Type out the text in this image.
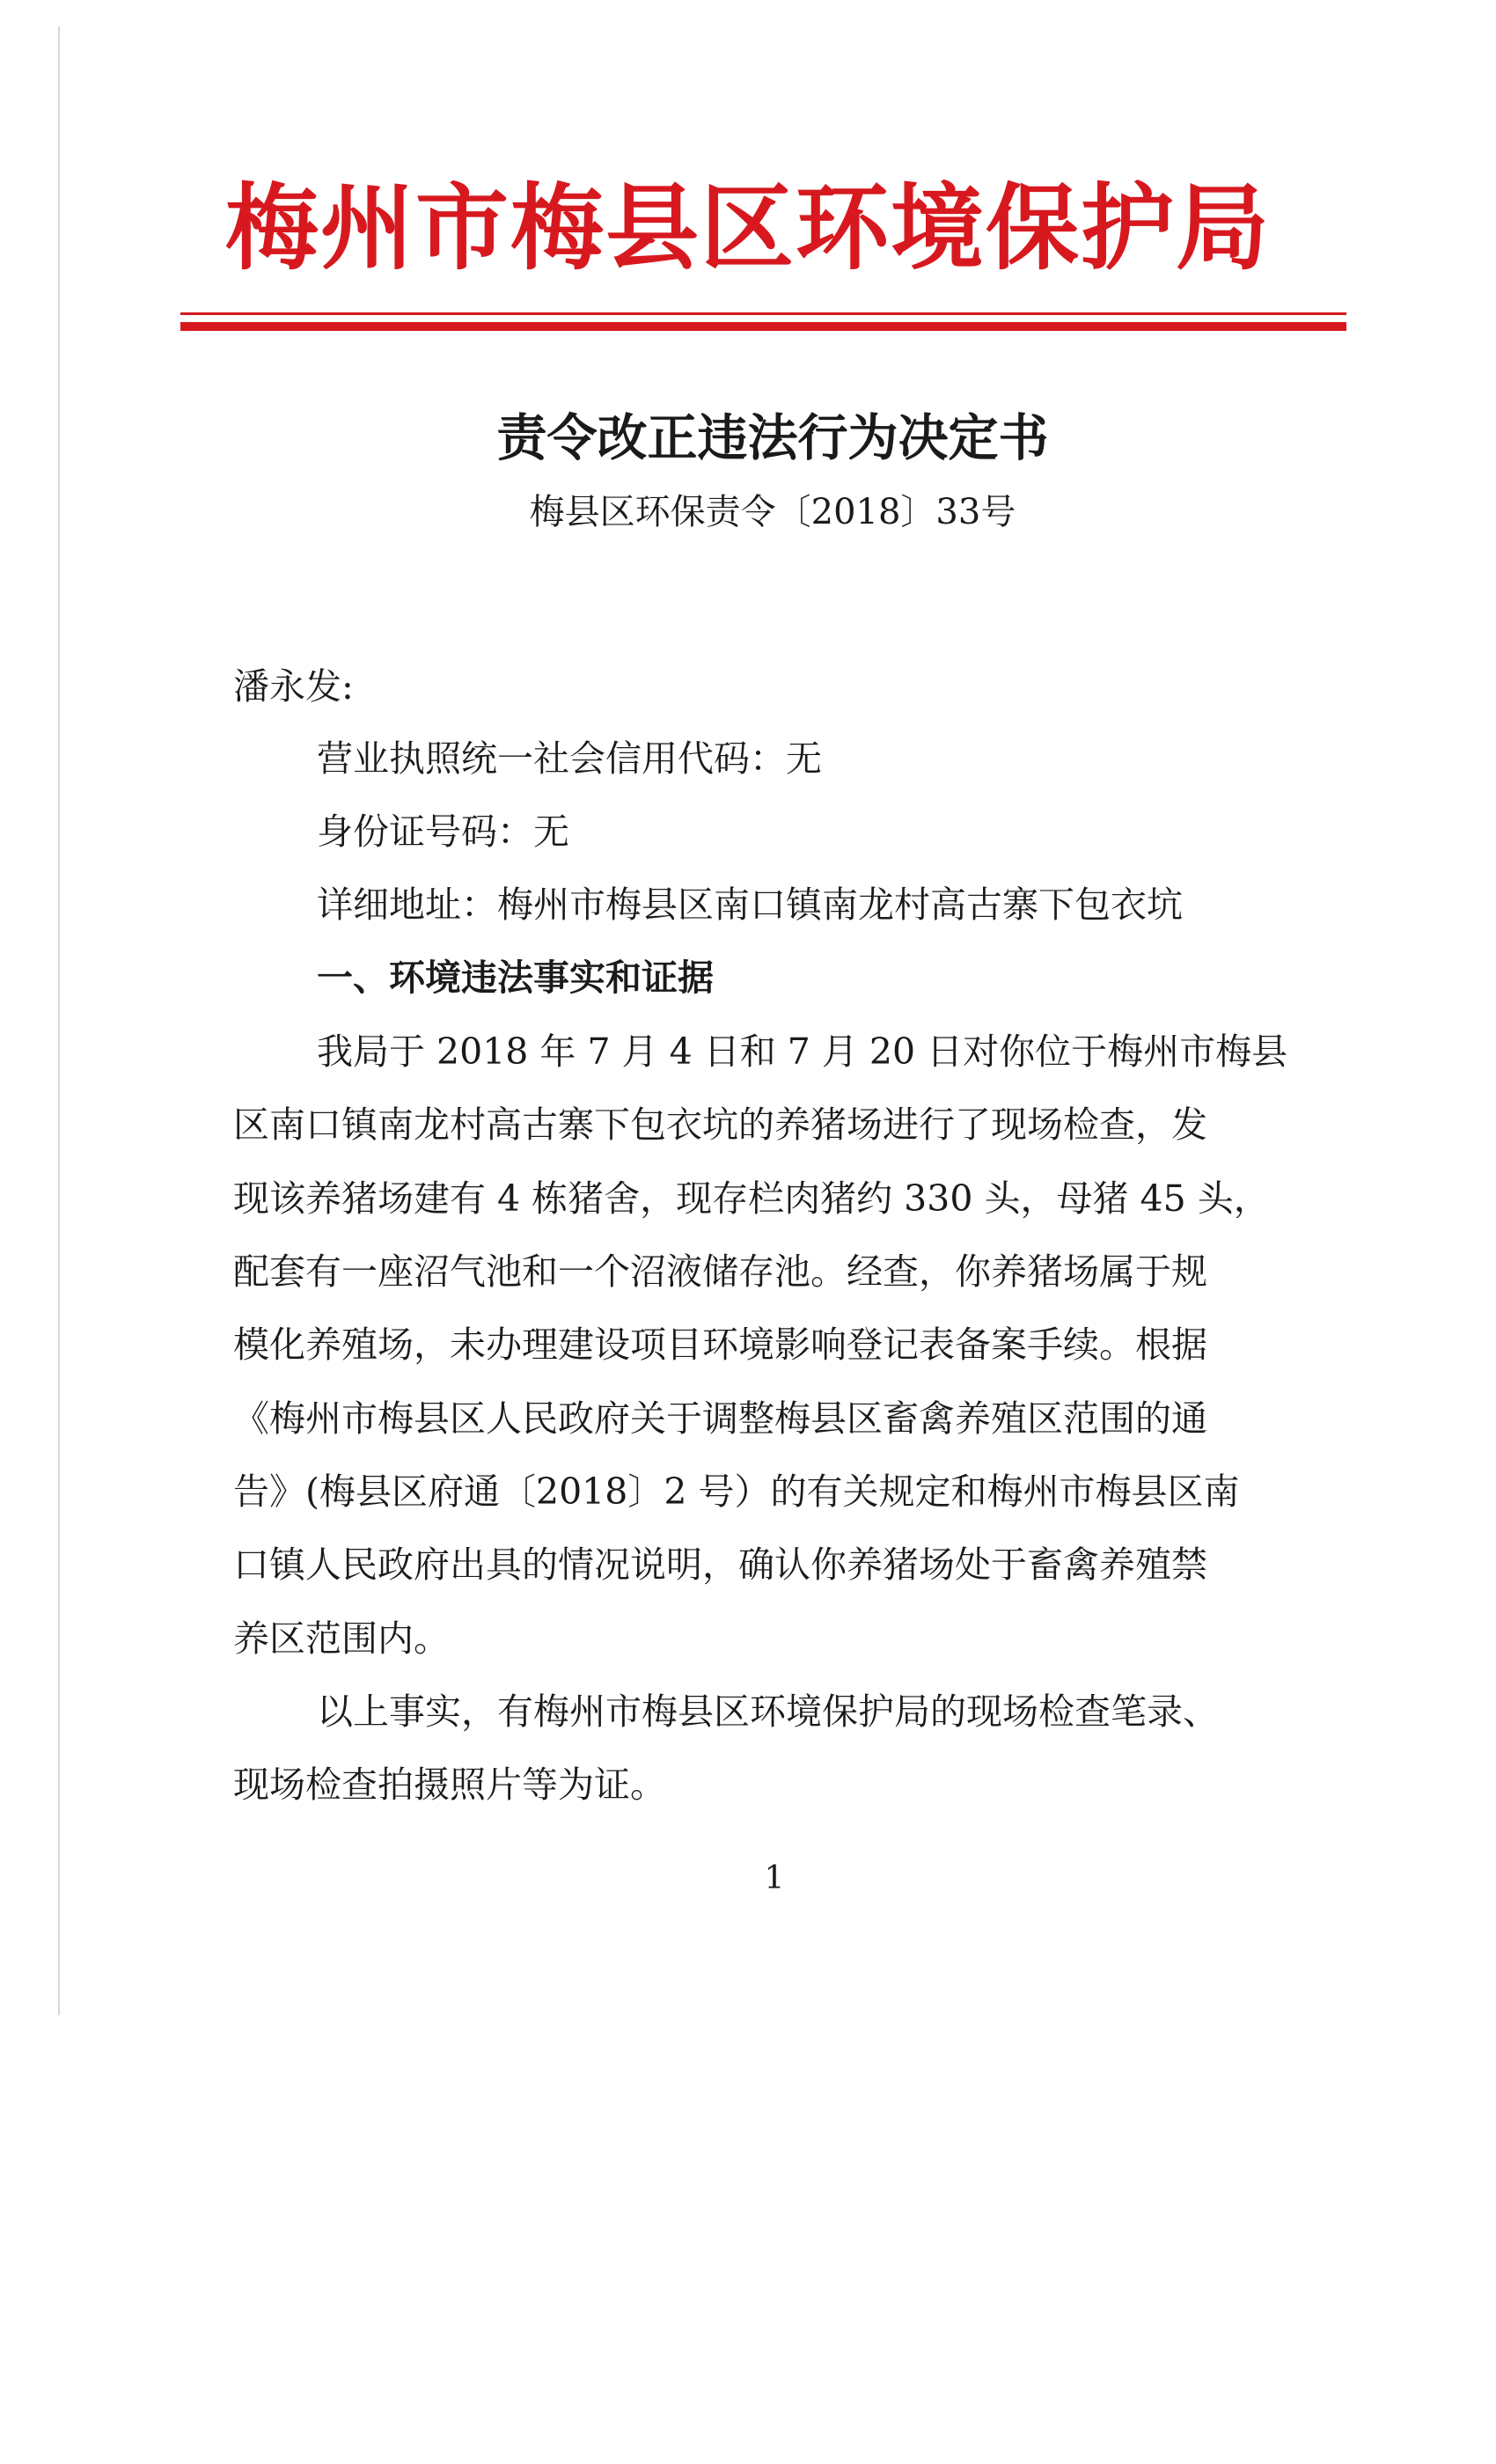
梅州市梅县区环境保护局
责令改正违法行为决定书
梅县区环保责令〔2018〕33号
潘永发:
营业执照统一社会信用代码：无
身份证号码：无
详细地址：梅州市梅县区南口镇南龙村高古寨下包衣坑
一、环境违法事实和证据
我局于 2018 年 7 月 4 日和 7 月 20 日对你位于梅州市梅县
区南口镇南龙村高古寨下包衣坑的养猪场进行了现场检查，发
现该养猪场建有 4 栋猪舍，现存栏肉猪约 330 头，母猪 45 头，
配套有一座沼气池和一个沼液储存池。经查，你养猪场属于规
模化养殖场，未办理建设项目环境影响登记表备案手续。根据
《梅州市梅县区人民政府关于调整梅县区畜禽养殖区范围的通
告》(梅县区府通〔2018〕2 号）的有关规定和梅州市梅县区南
口镇人民政府出具的情况说明，确认你养猪场处于畜禽养殖禁
养区范围内。
以上事实，有梅州市梅县区环境保护局的现场检查笔录、
现场检查拍摄照片等为证。
1
